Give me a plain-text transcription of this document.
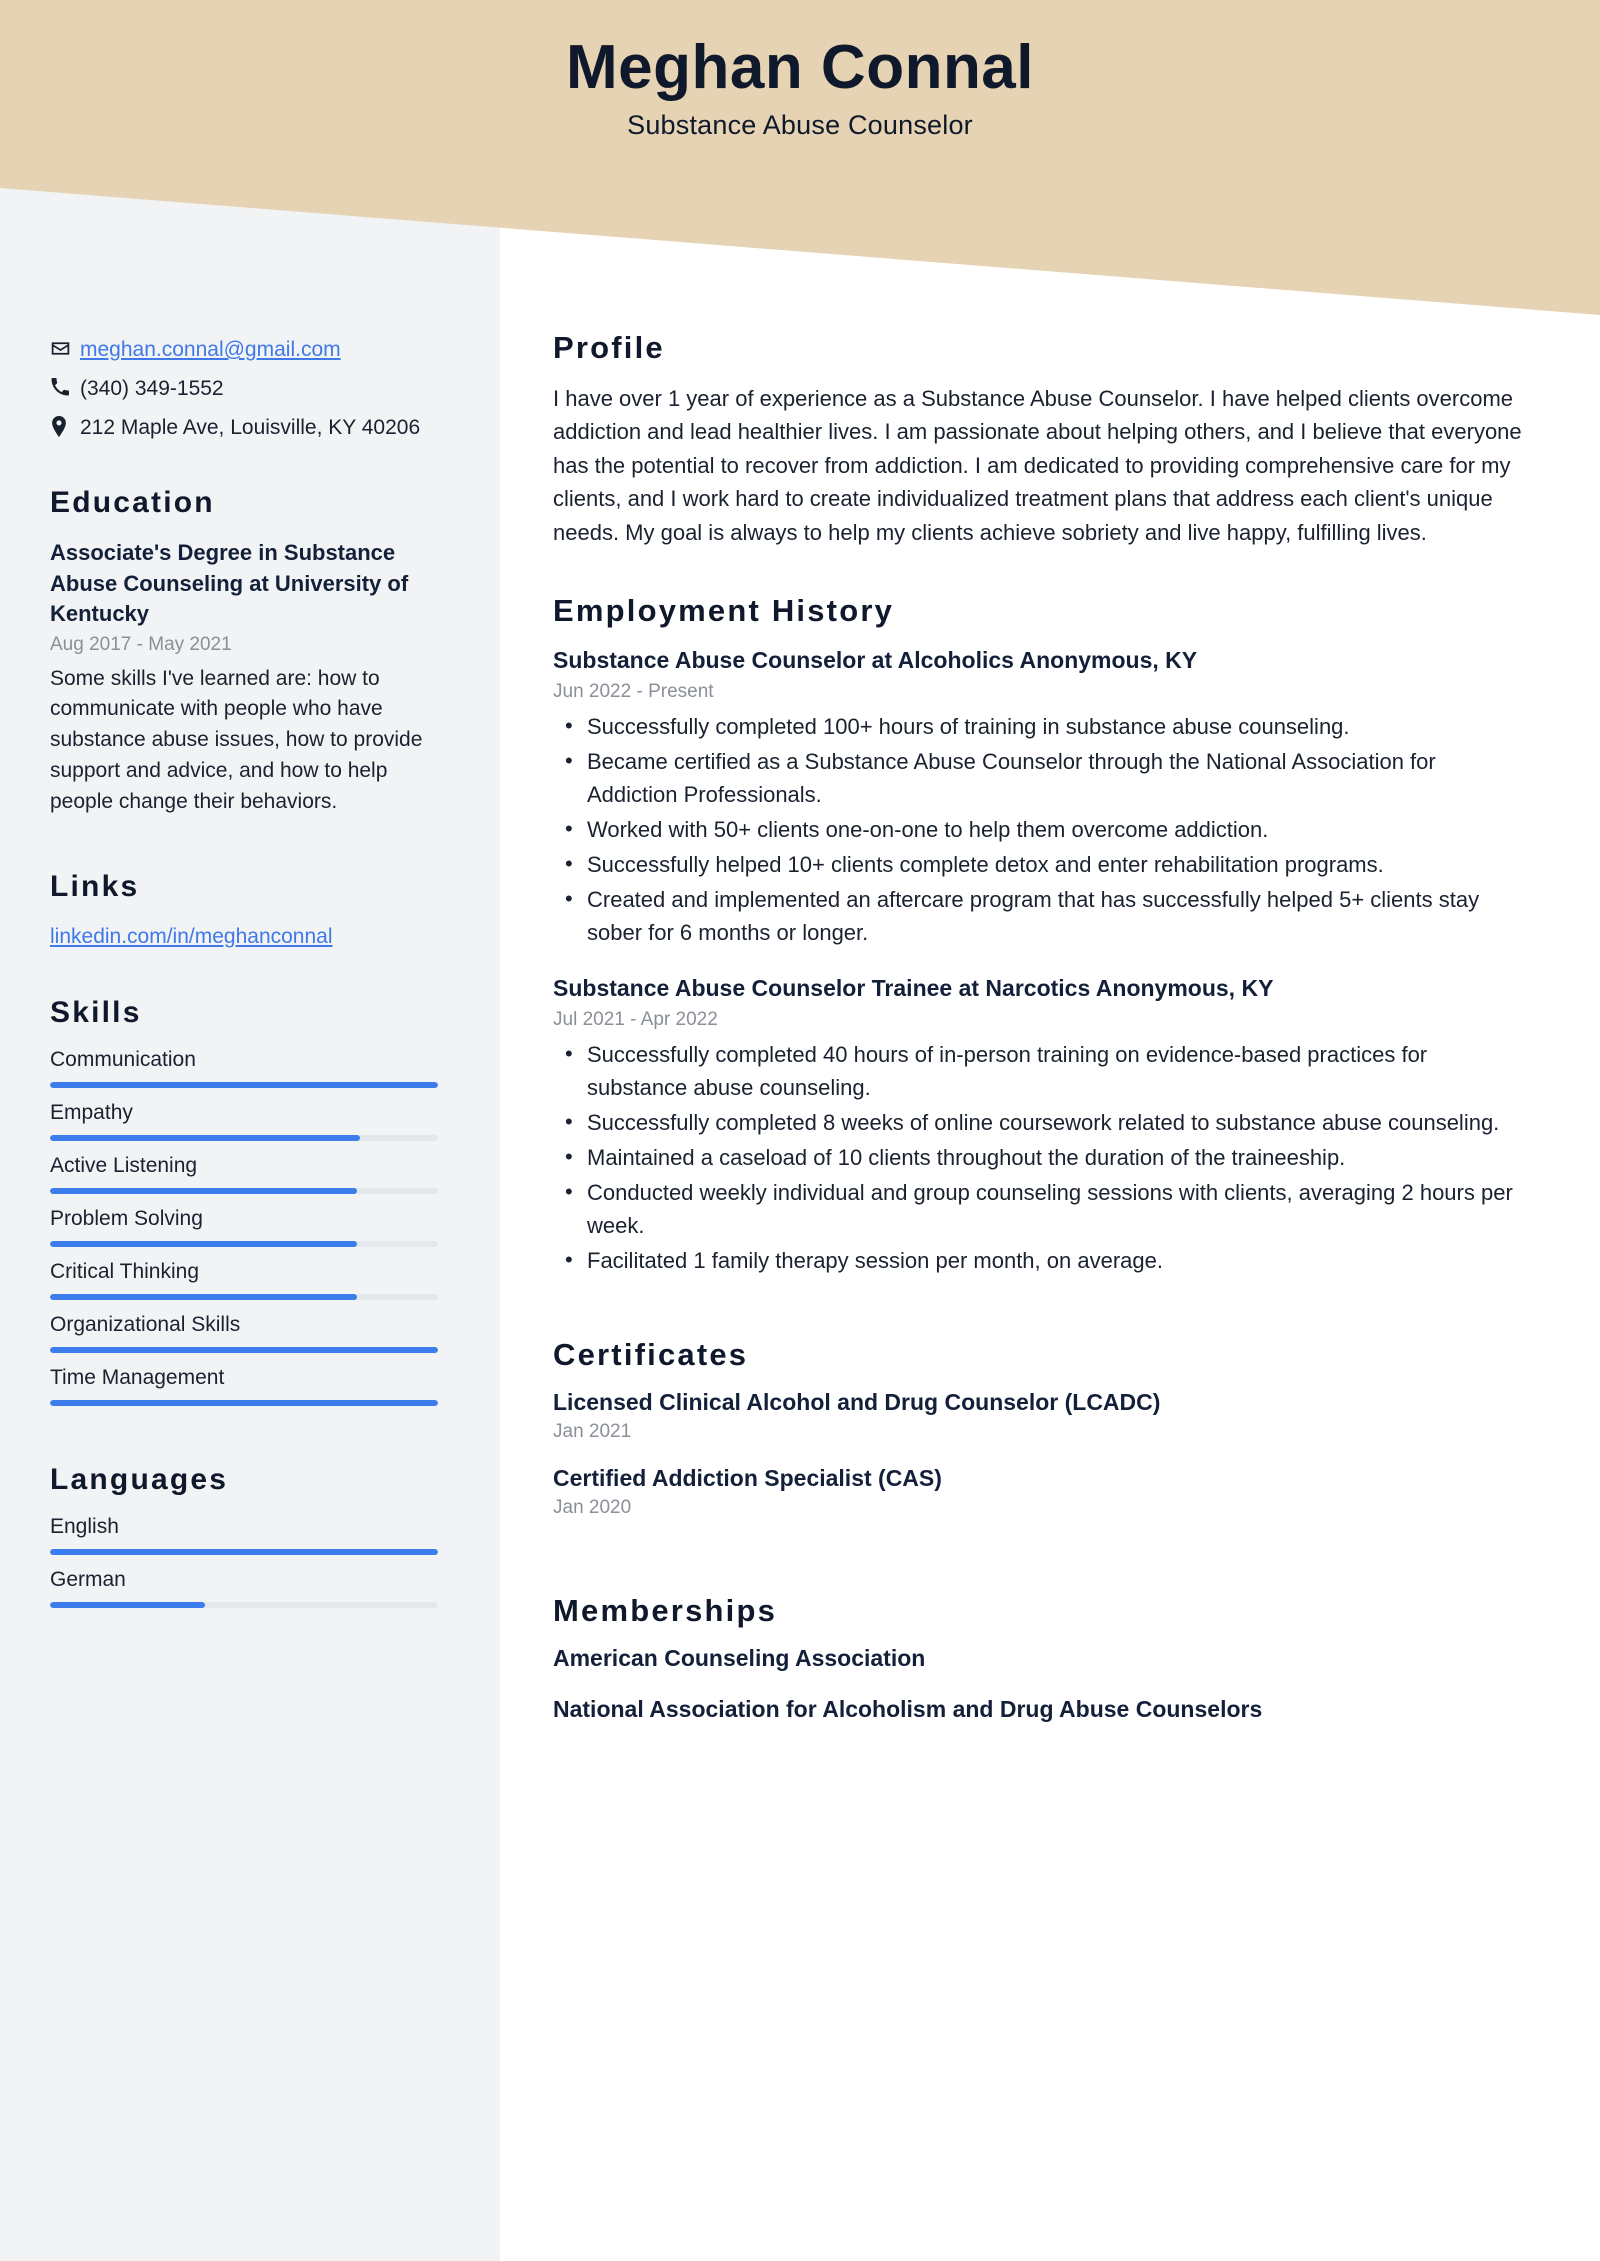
Meghan Connal
Substance Abuse Counselor
meghan.connal@gmail.com
(340) 349-1552
212 Maple Ave, Louisville, KY 40206
Education
Associate's Degree in Substance Abuse Counseling at University of Kentucky
Aug 2017 - May 2021
Some skills I've learned are: how to communicate with people who have substance abuse issues, how to provide support and advice, and how to help people change their behaviors.
Links
linkedin.com/in/meghanconnal
Skills
Communication
Empathy
Active Listening
Problem Solving
Critical Thinking
Organizational Skills
Time Management
Languages
English
German
Profile
I have over 1 year of experience as a Substance Abuse Counselor. I have helped clients overcome addiction and lead healthier lives. I am passionate about helping others, and I believe that everyone has the potential to recover from addiction. I am dedicated to providing comprehensive care for my clients, and I work hard to create individualized treatment plans that address each client's unique needs. My goal is always to help my clients achieve sobriety and live happy, fulfilling lives.
Employment History
Substance Abuse Counselor at Alcoholics Anonymous, KY
Jun 2022 - Present
• Successfully completed 100+ hours of training in substance abuse counseling.
• Became certified as a Substance Abuse Counselor through the National Association for Addiction Professionals.
• Worked with 50+ clients one-on-one to help them overcome addiction.
• Successfully helped 10+ clients complete detox and enter rehabilitation programs.
• Created and implemented an aftercare program that has successfully helped 5+ clients stay sober for 6 months or longer.
Substance Abuse Counselor Trainee at Narcotics Anonymous, KY
Jul 2021 - Apr 2022
• Successfully completed 40 hours of in-person training on evidence-based practices for substance abuse counseling.
• Successfully completed 8 weeks of online coursework related to substance abuse counseling.
• Maintained a caseload of 10 clients throughout the duration of the traineeship.
• Conducted weekly individual and group counseling sessions with clients, averaging 2 hours per week.
• Facilitated 1 family therapy session per month, on average.
Certificates
Licensed Clinical Alcohol and Drug Counselor (LCADC)
Jan 2021
Certified Addiction Specialist (CAS)
Jan 2020
Memberships
American Counseling Association
National Association for Alcoholism and Drug Abuse Counselors
